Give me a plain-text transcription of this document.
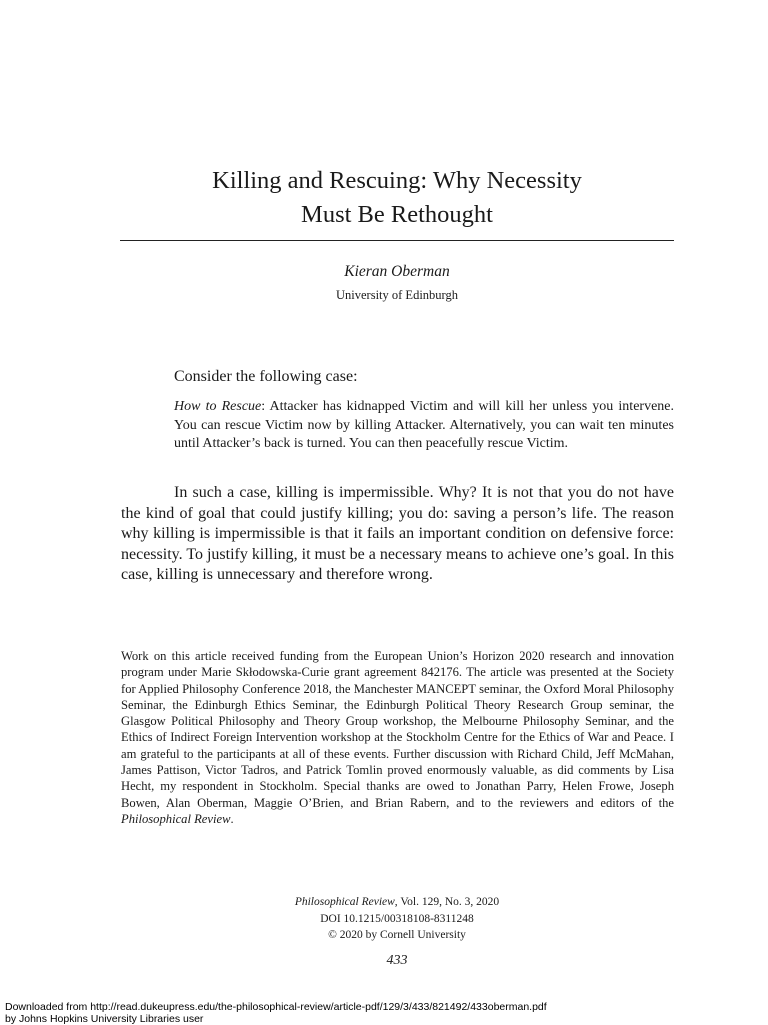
Killing and Rescuing: Why Necessity
Must Be Rethought
Kieran Oberman
University of Edinburgh

Consider the following case:

How to Rescue: Attacker has kidnapped Victim and will kill her unless you intervene. You can rescue Victim now by killing Attacker. Alternatively, you can wait ten minutes until Attacker’s back is turned. You can then peacefully rescue Victim.

In such a case, killing is impermissible. Why? It is not that you do not have the kind of goal that could justify killing; you do: saving a person’s life. The reason why killing is impermissible is that it fails an important condition on defensive force: necessity. To justify killing, it must be a necessary means to achieve one’s goal. In this case, killing is unnecessary and therefore wrong.

Work on this article received funding from the European Union’s Horizon 2020 research and innovation program under Marie Skłodowska-Curie grant agreement 842176. The article was presented at the Society for Applied Philosophy Conference 2018, the Manchester MANCEPT seminar, the Oxford Moral Philosophy Seminar, the Edinburgh Ethics Seminar, the Edinburgh Political Theory Research Group seminar, the Glasgow Political Philosophy and Theory Group workshop, the Melbourne Philosophy Seminar, and the Ethics of Indirect Foreign Intervention workshop at the Stockholm Centre for the Ethics of War and Peace. I am grateful to the participants at all of these events. Further discussion with Richard Child, Jeff McMahan, James Pattison, Victor Tadros, and Patrick Tomlin proved enormously valuable, as did comments by Lisa Hecht, my respondent in Stockholm. Special thanks are owed to Jonathan Parry, Helen Frowe, Joseph Bowen, Alan Oberman, Maggie O’Brien, and Brian Rabern, and to the reviewers and editors of the Philosophical Review.

Philosophical Review, Vol. 129, No. 3, 2020
DOI 10.1215/00318108-8311248
© 2020 by Cornell University
433
Downloaded from http://read.dukeupress.edu/the-philosophical-review/article-pdf/129/3/433/821492/433oberman.pdf
by Johns Hopkins University Libraries user
